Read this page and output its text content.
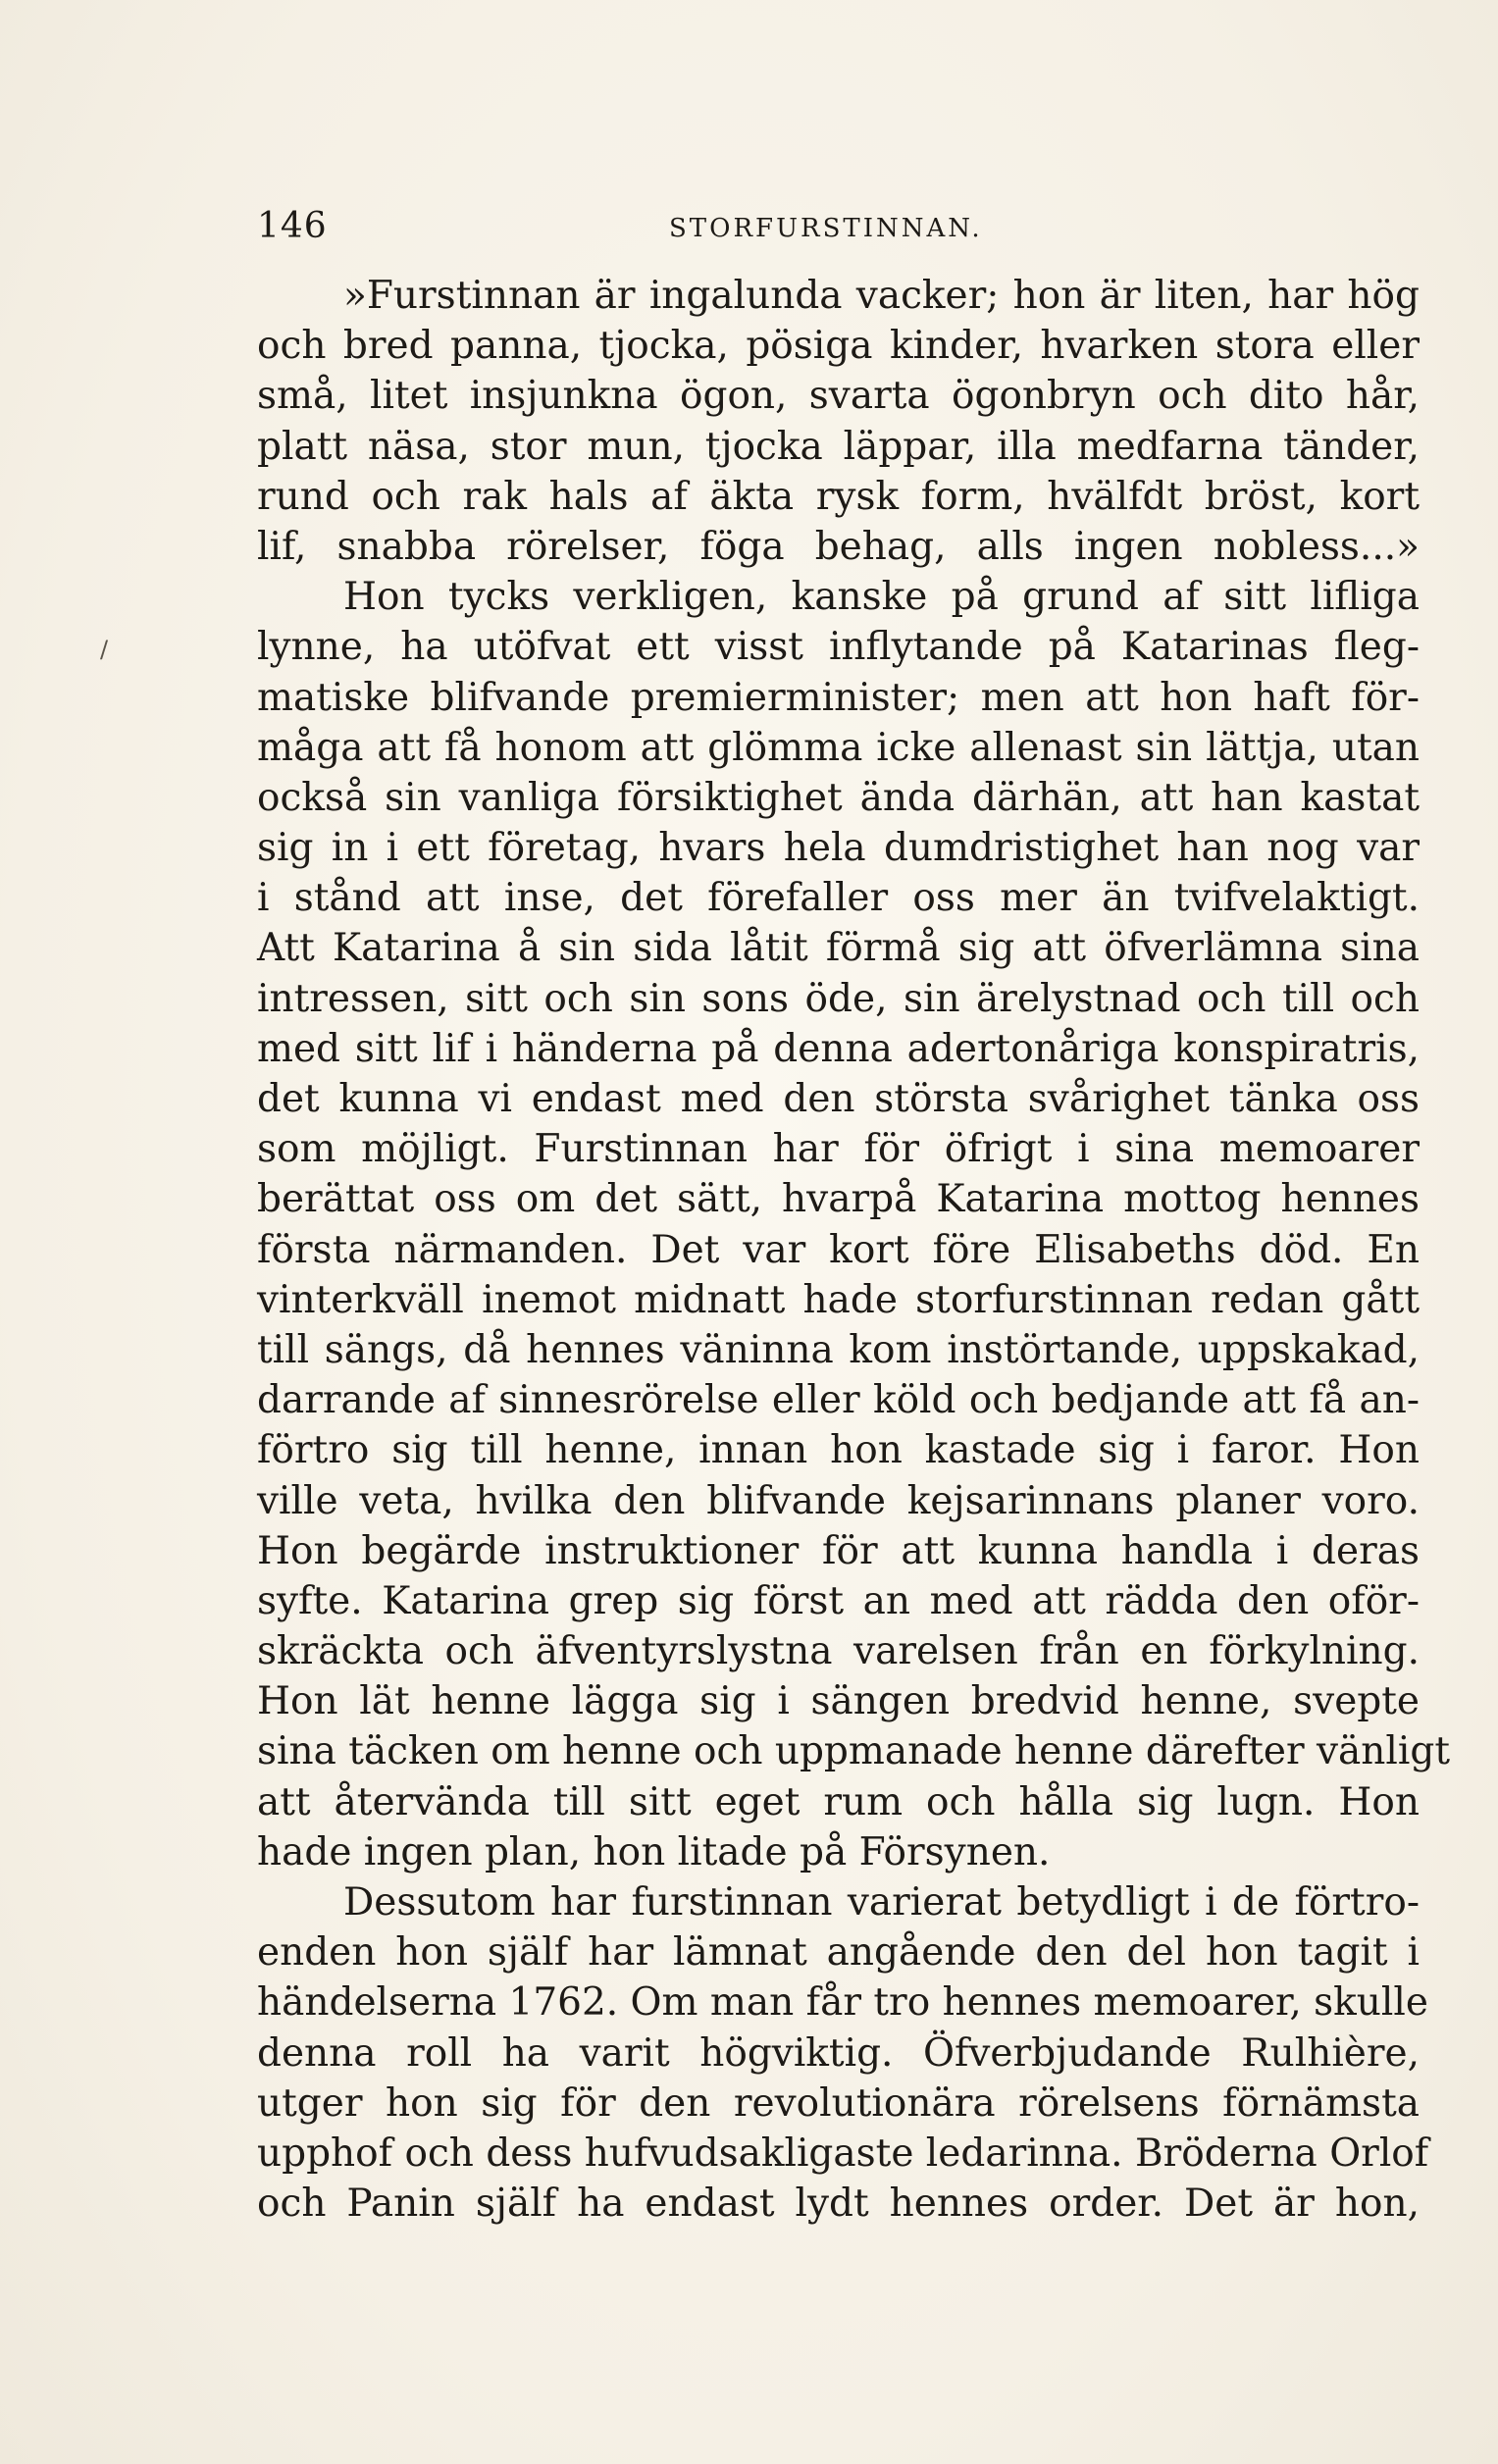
146	STORFURSTINNAN.
/
»Furstinnan är ingalunda vacker; hon är liten, har hög
och bred panna, tjocka, pösiga kinder, hvarken stora eller
små, litet insjunkna ögon, svarta ögonbryn och dito hår,
platt näsa, stor mun, tjocka läppar, illa medfarna tänder,
rund och rak hals af äkta rysk form, hvälfdt bröst, kort
lif, snabba rörelser, föga behag, alls ingen nobless...»
Hon tycks verkligen, kanske på grund af sitt lifliga
lynne, ha utöfvat ett visst inflytande på Katarinas fleg-
matiske blifvande premierminister; men att hon haft för-
måga att få honom att glömma icke allenast sin lättja, utan
också sin vanliga försiktighet ända därhän, att han kastat
sig in i ett företag, hvars hela dumdristighet han nog var
i stånd att inse, det förefaller oss mer än tvifvelaktigt.
Att Katarina å sin sida låtit förmå sig att öfverlämna sina
intressen, sitt och sin sons öde, sin ärelystnad och till och
med sitt lif i händerna på denna adertonåriga konspiratris,
det kunna vi endast med den största svårighet tänka oss
som möjligt. Furstinnan har för öfrigt i sina memoarer
berättat oss om det sätt, hvarpå Katarina mottog hennes
första närmanden. Det var kort före Elisabeths död. En
vinterkväll inemot midnatt hade storfurstinnan redan gått
till sängs, då hennes väninna kom instörtande, uppskakad,
darrande af sinnesrörelse eller köld och bedjande att få an-
förtro sig till henne, innan hon kastade sig i faror. Hon
ville veta, hvilka den blifvande kejsarinnans planer voro.
Hon begärde instruktioner för att kunna handla i deras
syfte. Katarina grep sig först an med att rädda den oför-
skräckta och äfventyrslystna varelsen från en förkylning.
Hon lät henne lägga sig i sängen bredvid henne, svepte
sina täcken om henne och uppmanade henne därefter vänligt
att återvända till sitt eget rum och hålla sig lugn. Hon
hade ingen plan, hon litade på Försynen.
Dessutom har furstinnan varierat betydligt i de förtro-
enden hon själf har lämnat angående den del hon tagit i
händelserna 1762. Om man får tro hennes memoarer, skulle
denna roll ha varit högviktig. Öfverbjudande Rulhière,
utger hon sig för den revolutionära rörelsens förnämsta
upphof och dess hufvudsakligaste ledarinna. Bröderna Orlof
och Panin själf ha endast lydt hennes order. Det är hon,
